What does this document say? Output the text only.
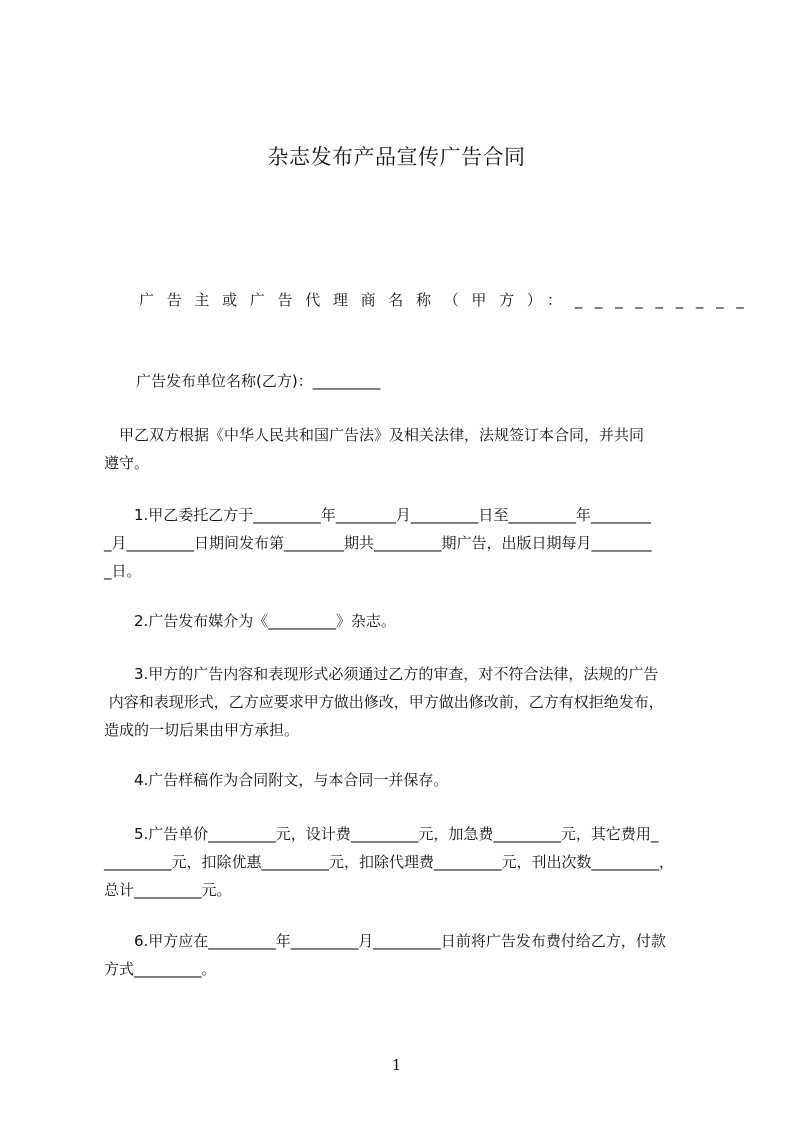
杂志发布产品宣传广告合同
广告主或广告代理商名称（甲方）：_________
广告发布单位名称(乙方)：_________
　甲乙双方根据《中华人民共和国广告法》及相关法律，法规签订本合同，并共同
遵守。
　　1.甲乙委托乙方于_________年________月_________日至_________年________
_月_________日期间发布第________期共_________期广告，出版日期每月________
_日。
　　2.广告发布媒介为《_________》杂志。
　　3.甲方的广告内容和表现形式必须通过乙方的审查，对不符合法律，法规的广告
内容和表现形式，乙方应要求甲方做出修改，甲方做出修改前，乙方有权拒绝发布，
造成的一切后果由甲方承担。
　　4.广告样稿作为合同附文，与本合同一并保存。
　　5.广告单价_________元，设计费_________元，加急费_________元，其它费用_
_________元，扣除优惠_________元，扣除代理费_________元，刊出次数_________，
总计_________元。
　　6.甲方应在_________年_________月_________日前将广告发布费付给乙方，付款
方式_________。
1
